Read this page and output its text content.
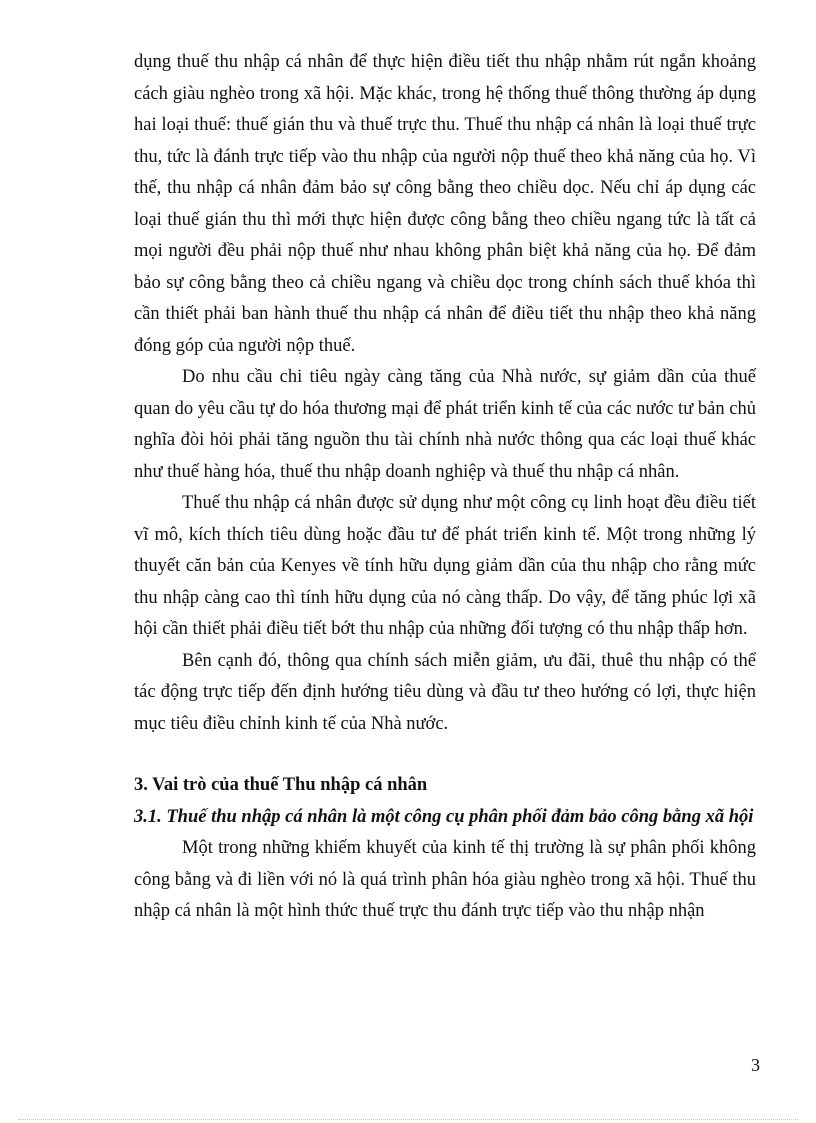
dụng thuế thu nhập cá nhân để thực hiện điều tiết thu nhập nhằm rút ngắn khoảng cách giàu nghèo trong xã hội. Mặc khác, trong hệ thống thuế thông thường áp dụng hai loại thuế: thuế gián thu và thuế trực thu. Thuế thu nhập cá nhân là loại thuế trực thu, tức là đánh trực tiếp vào thu nhập của người nộp thuế theo khả năng của họ. Vì thế, thu nhập cá nhân đảm bảo sự công bằng theo chiều dọc. Nếu chỉ áp dụng các loại thuế gián thu thì mới thực hiện được công bằng theo chiều ngang tức là tất cả mọi người đều phải nộp thuế như nhau không phân biệt khả năng của họ. Để đảm bảo sự công bằng theo cả chiều ngang và chiều dọc trong chính sách thuế khóa thì cần thiết phải ban hành thuế thu nhập cá nhân để điều tiết thu nhập theo khả năng đóng góp của người nộp thuế.

Do nhu cầu chi tiêu ngày càng tăng của Nhà nước, sự giảm dần của thuế quan do yêu cầu tự do hóa thương mại để phát triển kinh tế của các nước tư bản chủ nghĩa đòi hỏi phải tăng nguồn thu tài chính nhà nước thông qua các loại thuế khác như thuế hàng hóa, thuế thu nhập doanh nghiệp và thuế thu nhập cá nhân.

Thuế thu nhập cá nhân được sử dụng như một công cụ linh hoạt đều điều tiết vĩ mô, kích thích tiêu dùng hoặc đầu tư để phát triển kinh tế. Một trong những lý thuyết căn bản của Kenyes về tính hữu dụng giảm dần của thu nhập cho rằng mức thu nhập càng cao thì tính hữu dụng của nó càng thấp. Do vậy, để tăng phúc lợi xã hội cần thiết phải điều tiết bớt thu nhập của những đối tượng có thu nhập thấp hơn.

Bên cạnh đó, thông qua chính sách miễn giảm, ưu đãi, thuê thu nhập có thể tác động trực tiếp đến định hướng tiêu dùng và đầu tư theo hướng có lợi, thực hiện mục tiêu điều chỉnh kinh tế của Nhà nước.

3. Vai trò của thuế Thu nhập cá nhân
3.1. Thuế thu nhập cá nhân là một công cụ phân phối đảm bảo công bằng xã hội

Một trong những khiếm khuyết của kinh tế thị trường là sự phân phối không công bằng và đi liền với nó là quá trình phân hóa giàu nghèo trong xã hội. Thuế thu nhập cá nhân là một hình thức thuế trực thu đánh trực tiếp vào thu nhập nhận

3
